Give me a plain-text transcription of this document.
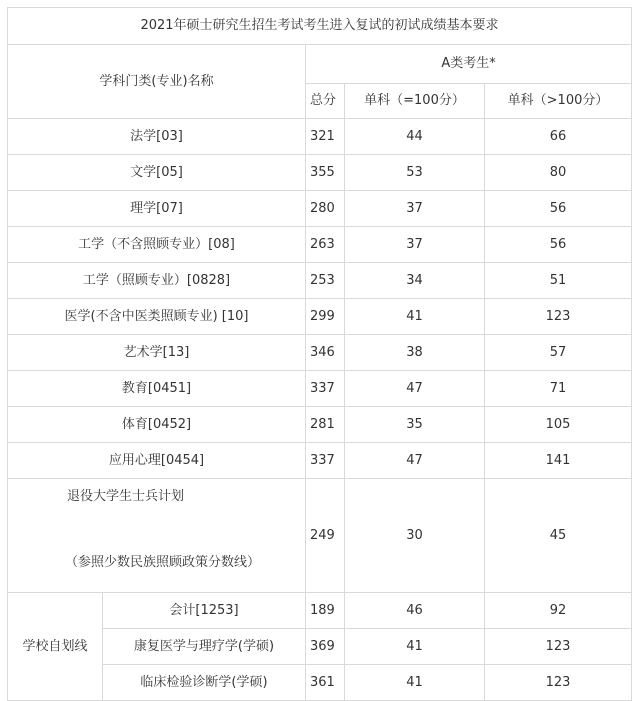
2021年硕士研究生招生考试考生进入复试的初试成绩基本要求				
学科门类(专业)名称		A类考生*		
		总分	单科（=100分）	单科（>100分）
法学[03]		321	44	66
文学[05]		355	53	80
理学[07]		280	37	56
工学（不含照顾专业）[08]		263	37	56
工学（照顾专业）[0828]		253	34	51
医学(不含中医类照顾专业) [10]		299	41	123
艺术学[13]		346	38	57
教育[0451]		337	47	71
体育[0452]		281	35	105
应用心理[0454]		337	47	141

退役大学生士兵计划
（参照少数民族照顾政策分数线）		249	30	45
学校自划线	会计[1253]	189	46	92
	康复医学与理疗学(学硕)	369	41	123
	临床检验诊断学(学硕)	361	41	123
